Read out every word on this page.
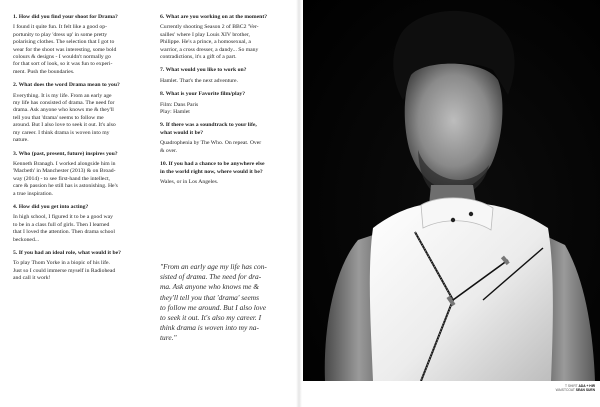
1. How did you find your shoot for Drama?

I found it quite fun. It felt like a good op-
portunity to play 'dress up' in some pretty
polarising clothes. The selection that I got to
wear for the shoot was interesting, some bold
colours & designs - I wouldn't normally go
for that sort of look, so it was fun to experi-
ment. Push the boundaries.

2. What does the word Drama mean to you?

Everything. It is my life. From an early age
my life has consisted of drama. The need for
drama. Ask anyone who knows me & they'll
tell you that 'drama' seems to follow me
around. But I also love to seek it out. It's also
my career. I think drama is woven into my
nature.

3. Who (past, present, future) inspires you?

Kenneth Branagh. I worked alongside him in
'Macbeth' in Manchester (2013) & on Broad-
way (2014) - to see first-hand the intellect,
care & passion he still has is astonishing. He's
a true inspiration.

4. How did you get into acting?

In high school, I figured it to be a good way
to be in a class full of girls. Then I learned
that I loved the attention. Then drama school
beckoned...

5. If you had an ideal role, what would it be?

To play Thom Yorke in a biopic of his life.
Just so I could immerse myself in Radiohead
and call it work!

6. What are you working on at the moment?

Currently shooting Season 2 of BBC2 'Ver-
sailles' where I play Louis XIV brother,
Philippe. He's a prince, a homosexual, a
warrior, a cross dresser, a dandy... So many
contradictions, it's a gift of a part.

7. What would you like to work on?

Hamlet. That's the next adventure.

8. What is your Favorite film/play?

Film: Dans Paris
Play: Hamlet

9. If there was a soundtrack to your life,
what would it be?

Quadrophenia by The Who. On repeat. Over
& over.

10. If you had a chance to be anywhere else
in the world right now, where would it be?

Wales, or in Los Angeles.

"From an early age my life has con-
sisted of drama. The need for dra-
ma. Ask anyone who knows me &
they'll tell you that 'drama' seems
to follow me around. But I also love
to seek it out. It's also my career. I
think drama is woven into my na-
ture."

T SHIRT ADA + HIR
WAISTCOAT SEAN SUEN
